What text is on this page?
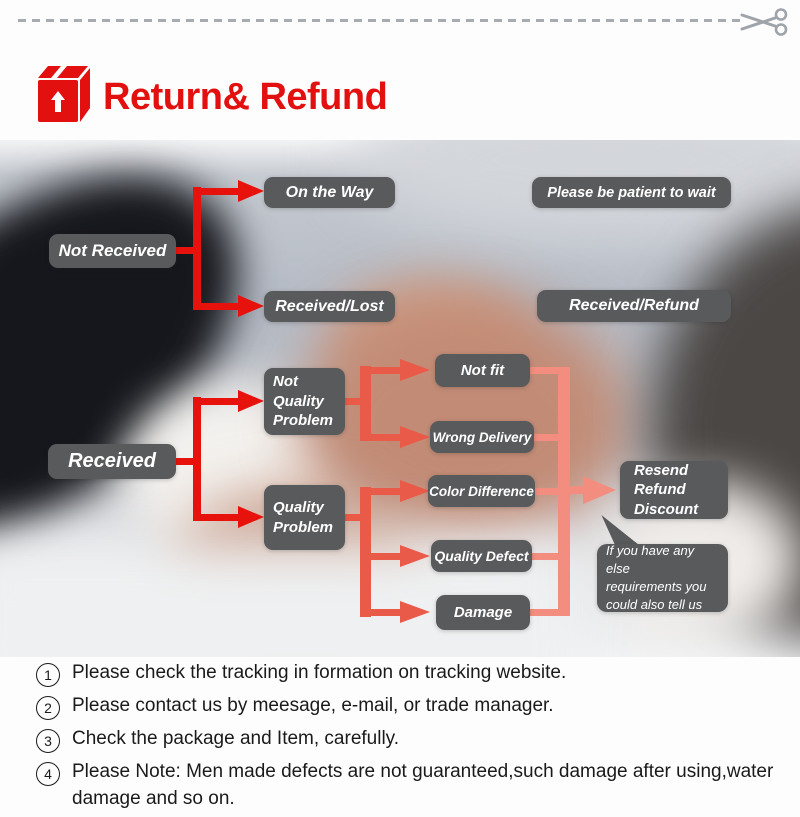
Return& Refund
Not Received
On the Way	Please be patient to wait
Received/Lost	Received/Refund
Received
Not
Quality
Problem
Quality
Problem
Not fit
Wrong Delivery
Color Difference
Quality Defect
Damage
Resend
Refund
Discount
If you have any else
requirements you
could also tell us
1	Please check the tracking in formation on tracking website.
2	Please contact us by meesage, e-mail, or trade manager.
3	Check the package and Item, carefully.
4	Please Note: Men made defects are not guaranteed,such damage after using,water damage and so on.
